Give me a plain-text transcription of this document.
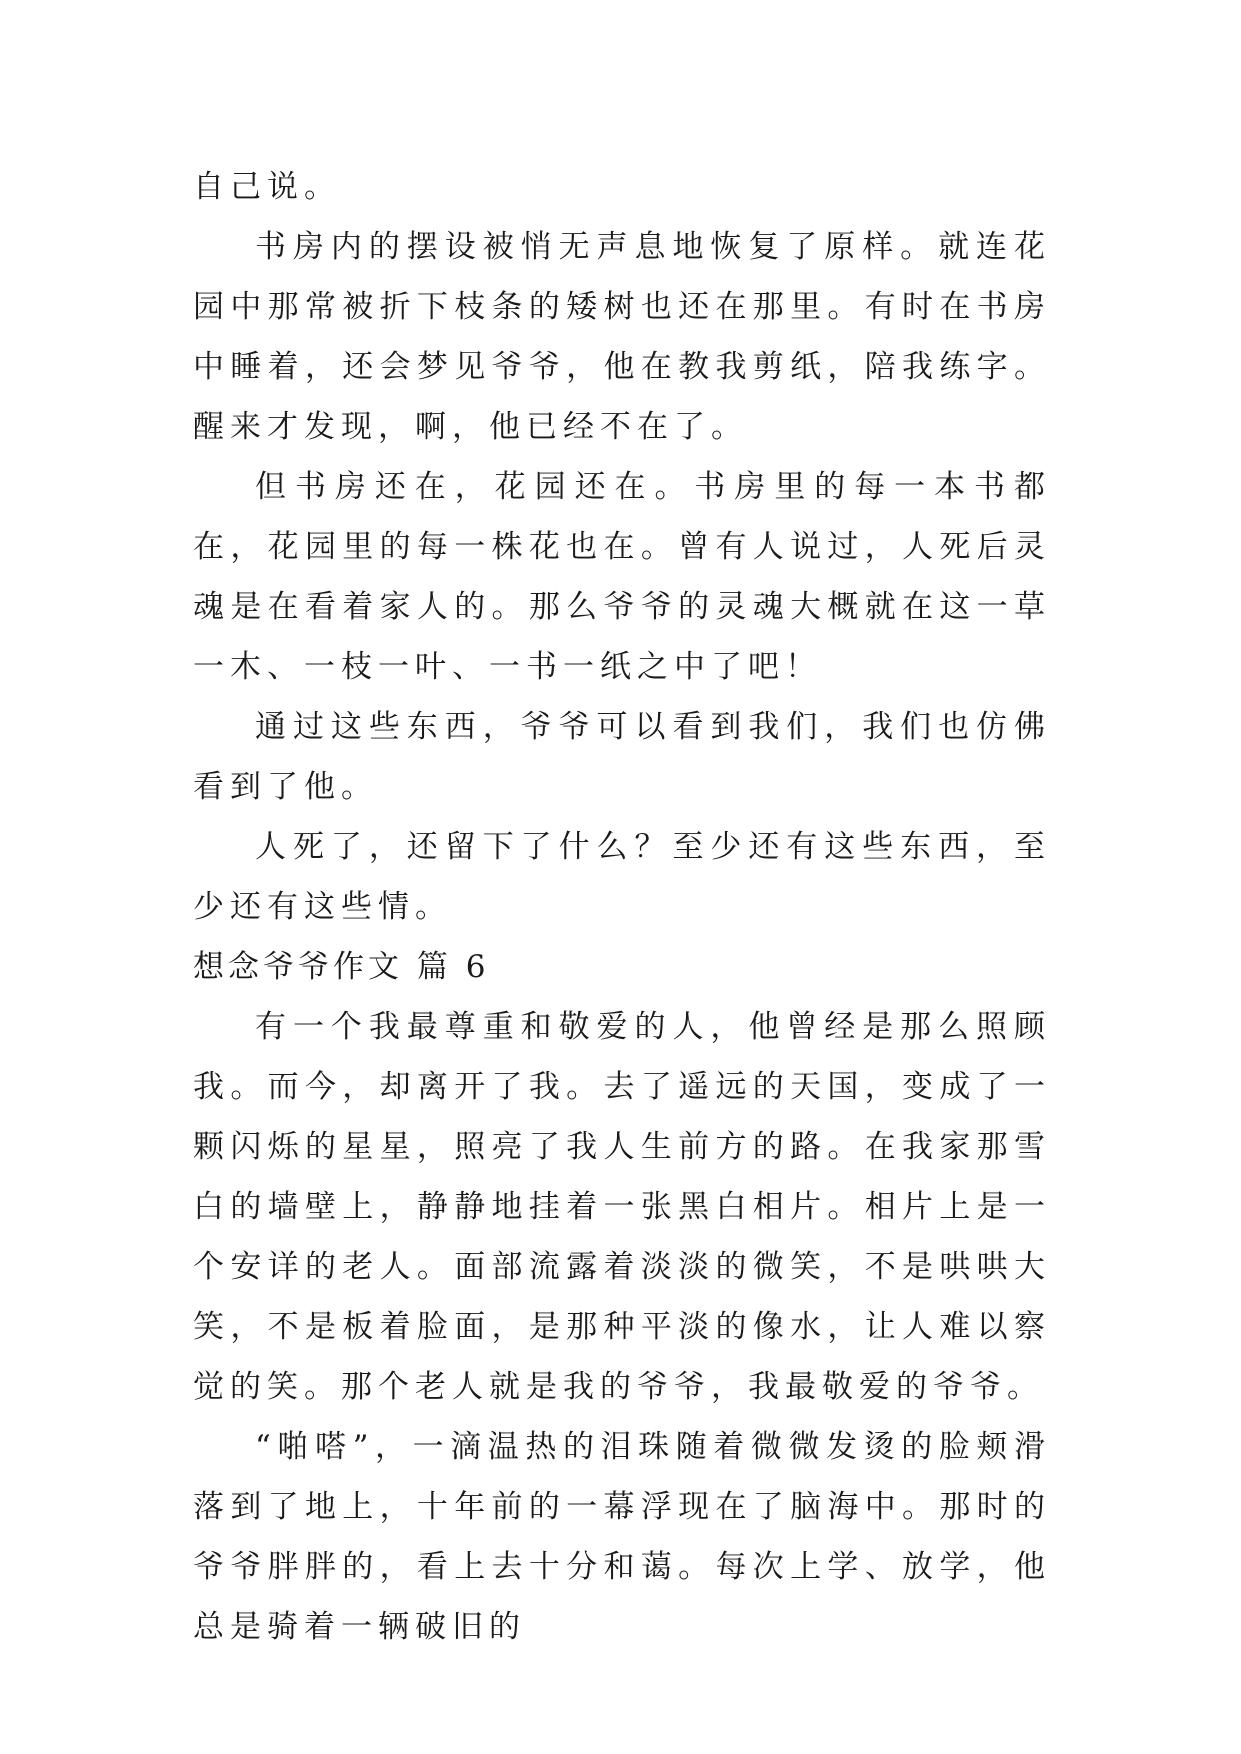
自己说。

书房内的摆设被悄无声息地恢复了原样。就连花园中那常被折下枝条的矮树也还在那里。有时在书房中睡着，还会梦见爷爷，他在教我剪纸，陪我练字。醒来才发现，啊，他已经不在了。

但书房还在，花园还在。书房里的每一本书都在，花园里的每一株花也在。曾有人说过，人死后灵魂是在看着家人的。那么爷爷的灵魂大概就在这一草一木、一枝一叶、一书一纸之中了吧！

通过这些东西，爷爷可以看到我们，我们也仿佛看到了他。

人死了，还留下了什么？至少还有这些东西，至少还有这些情。

想念爷爷作文 篇 6

有一个我最尊重和敬爱的人，他曾经是那么照顾我。而今，却离开了我。去了遥远的天国，变成了一颗闪烁的星星，照亮了我人生前方的路。在我家那雪白的墙壁上，静静地挂着一张黑白相片。相片上是一个安详的老人。面部流露着淡淡的微笑，不是哄哄大笑，不是板着脸面，是那种平淡的像水，让人难以察觉的笑。那个老人就是我的爷爷，我最敬爱的爷爷。

“啪嗒”，一滴温热的泪珠随着微微发烫的脸颊滑落到了地上，十年前的一幕浮现在了脑海中。那时的爷爷胖胖的，看上去十分和蔼。每次上学、放学，他总是骑着一辆破旧的
